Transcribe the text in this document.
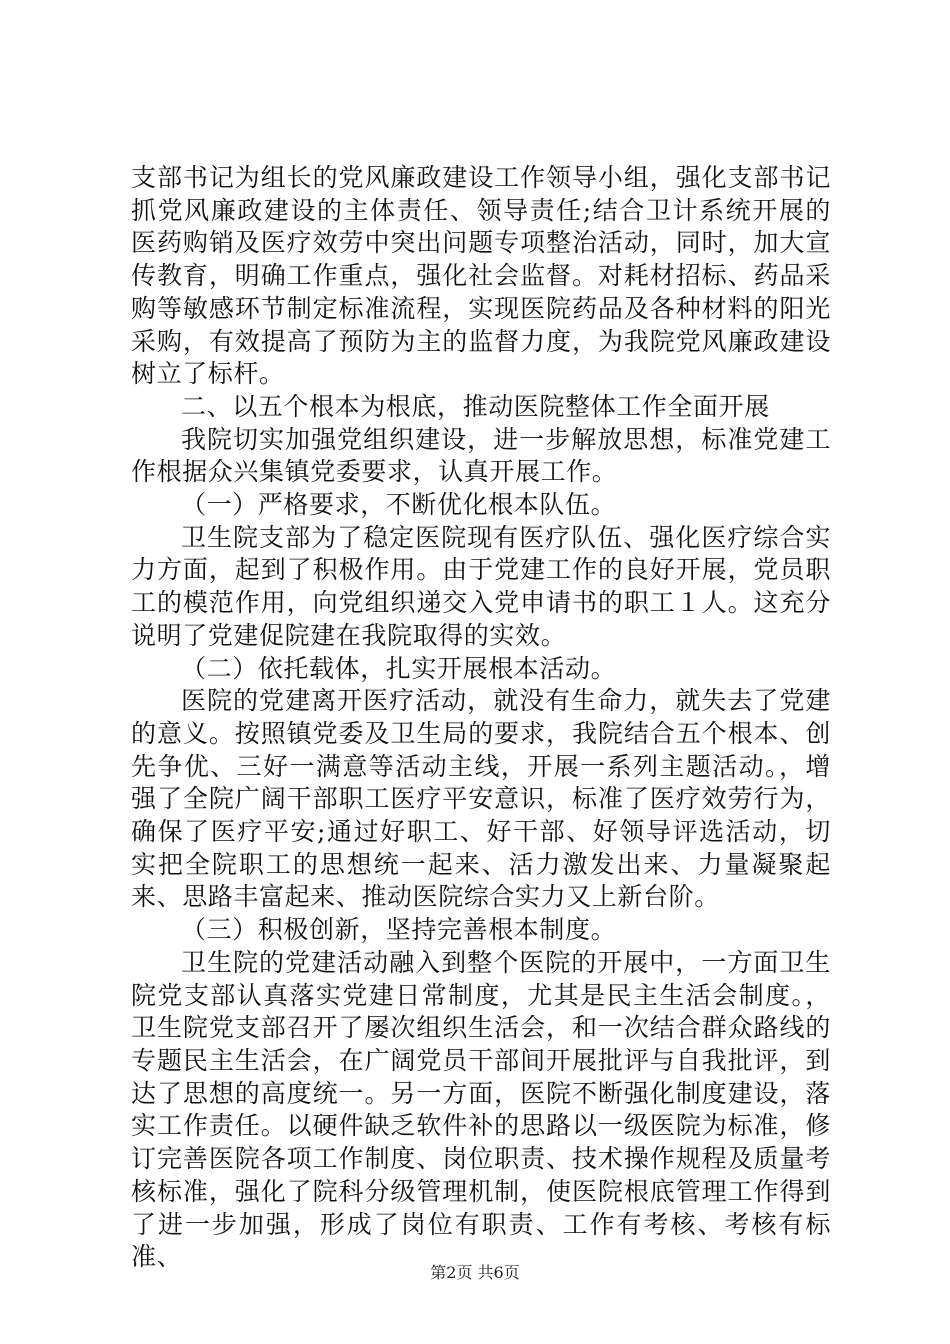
支部书记为组长的党风廉政建设工作领导小组，强化支部书记抓党风廉政建设的主体责任、领导责任;结合卫计系统开展的医药购销及医疗效劳中突出问题专项整治活动，同时，加大宣传教育，明确工作重点，强化社会监督。对耗材招标、药品采购等敏感环节制定标准流程，实现医院药品及各种材料的阳光采购，有效提高了预防为主的监督力度，为我院党风廉政建设树立了标杆。

二、以五个根本为根底，推动医院整体工作全面开展

我院切实加强党组织建设，进一步解放思想，标准党建工作根据众兴集镇党委要求，认真开展工作。

（一）严格要求，不断优化根本队伍。

卫生院支部为了稳定医院现有医疗队伍、强化医疗综合实力方面，起到了积极作用。由于党建工作的良好开展，党员职工的模范作用，向党组织递交入党申请书的职工１人。这充分说明了党建促院建在我院取得的实效。

（二）依托载体，扎实开展根本活动。

医院的党建离开医疗活动，就没有生命力，就失去了党建的意义。按照镇党委及卫生局的要求，我院结合五个根本、创先争优、三好一满意等活动主线，开展一系列主题活动。，增强了全院广阔干部职工医疗平安意识，标准了医疗效劳行为，确保了医疗平安;通过好职工、好干部、好领导评选活动，切实把全院职工的思想统一起来、活力激发出来、力量凝聚起来、思路丰富起来、推动医院综合实力又上新台阶。

（三）积极创新，坚持完善根本制度。

卫生院的党建活动融入到整个医院的开展中，一方面卫生院党支部认真落实党建日常制度，尤其是民主生活会制度。，卫生院党支部召开了屡次组织生活会，和一次结合群众路线的专题民主生活会，在广阔党员干部间开展批评与自我批评，到达了思想的高度统一。另一方面，医院不断强化制度建设，落实工作责任。以硬件缺乏软件补的思路以一级医院为标准，修订完善医院各项工作制度、岗位职责、技术操作规程及质量考核标准，强化了院科分级管理机制，使医院根底管理工作得到了进一步加强，形成了岗位有职责、工作有考核、考核有标准、

第2页 共6页
